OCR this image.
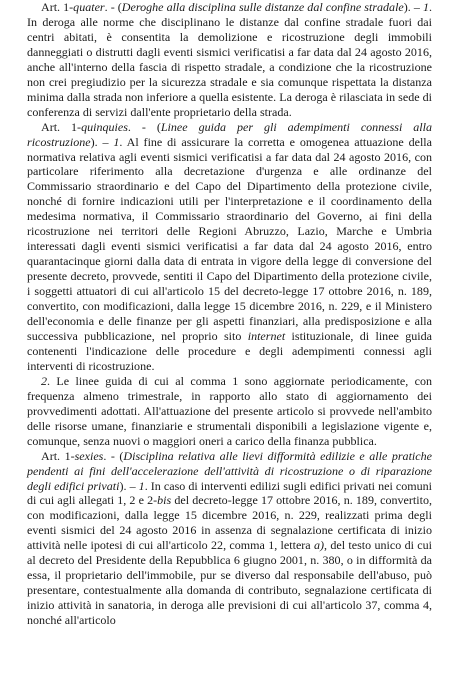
Art. 1-quater. - (Deroghe alla disciplina sulle distanze dal confine stradale). – 1. In deroga alle norme che disciplinano le distanze dal confine stradale fuori dai centri abitati, è consentita la demolizione e ricostruzione degli immobili danneggiati o distrutti dagli eventi sismici verificatisi a far data dal 24 agosto 2016, anche all'interno della fascia di rispetto stradale, a condizione che la ricostruzione non crei pregiudizio per la sicurezza stradale e sia comunque rispettata la distanza minima dalla strada non inferiore a quella esistente. La deroga è rilasciata in sede di conferenza di servizi dall'ente proprietario della strada.

Art. 1-quinquies. - (Linee guida per gli adempimenti connessi alla ricostruzione). – 1. Al fine di assicurare la corretta e omogenea attuazione della normativa relativa agli eventi sismici verificatisi a far data dal 24 agosto 2016, con particolare riferimento alla decretazione d'urgenza e alle ordinanze del Commissario straordinario e del Capo del Dipartimento della protezione civile, nonché di fornire indicazioni utili per l'interpretazione e il coordinamento della medesima normativa, il Commissario straordinario del Governo, ai fini della ricostruzione nei territori delle Regioni Abruzzo, Lazio, Marche e Umbria interessati dagli eventi sismici verificatisi a far data dal 24 agosto 2016, entro quarantacinque giorni dalla data di entrata in vigore della legge di conversione del presente decreto, provvede, sentiti il Capo del Dipartimento della protezione civile, i soggetti attuatori di cui all'articolo 15 del decreto-legge 17 ottobre 2016, n. 189, convertito, con modificazioni, dalla legge 15 dicembre 2016, n. 229, e il Ministero dell'economia e delle finanze per gli aspetti finanziari, alla predisposizione e alla successiva pubblicazione, nel proprio sito internet istituzionale, di linee guida contenenti l'indicazione delle procedure e degli adempimenti connessi agli interventi di ricostruzione.

2. Le linee guida di cui al comma 1 sono aggiornate periodicamente, con frequenza almeno trimestrale, in rapporto allo stato di aggiornamento dei provvedimenti adottati. All'attuazione del presente articolo si provvede nell'ambito delle risorse umane, finanziarie e strumentali disponibili a legislazione vigente e, comunque, senza nuovi o maggiori oneri a carico della finanza pubblica.

Art. 1-sexies. - (Disciplina relativa alle lievi difformità edilizie e alle pratiche pendenti ai fini dell'accelerazione dell'attività di ricostruzione o di riparazione degli edifici privati). – 1. In caso di interventi edilizi sugli edifici privati nei comuni di cui agli allegati 1, 2 e 2-bis del decreto-legge 17 ottobre 2016, n. 189, convertito, con modificazioni, dalla legge 15 dicembre 2016, n. 229, realizzati prima degli eventi sismici del 24 agosto 2016 in assenza di segnalazione certificata di inizio attività nelle ipotesi di cui all'articolo 22, comma 1, lettera a), del testo unico di cui al decreto del Presidente della Repubblica 6 giugno 2001, n. 380, o in difformità da essa, il proprietario dell'immobile, pur se diverso dal responsabile dell'abuso, può presentare, contestualmente alla domanda di contributo, segnalazione certificata di inizio attività in sanatoria, in deroga alle previsioni di cui all'articolo 37, comma 4, nonché all'articolo
